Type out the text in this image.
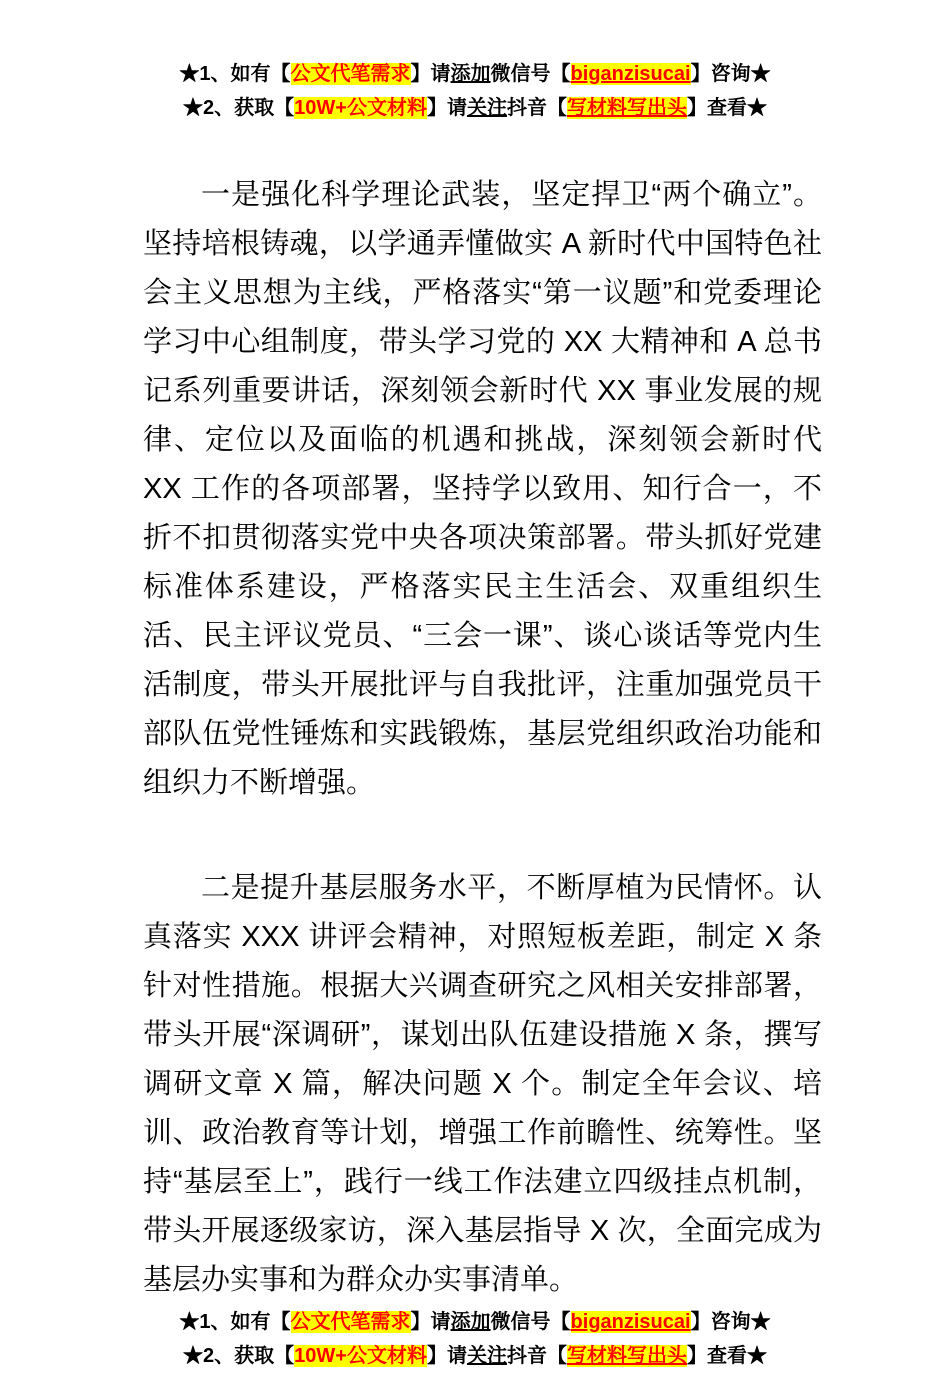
★1、如有【公文代笔需求】请添加微信号【biganzisucai】咨询★
★2、获取【10W+公文材料】请关注抖音【写材料写出头】查看★

一是强化科学理论武装，坚定捍卫“两个确立”。坚持培根铸魂，以学通弄懂做实 A 新时代中国特色社会主义思想为主线，严格落实“第一议题”和党委理论学习中心组制度，带头学习党的 XX 大精神和 A 总书记系列重要讲话，深刻领会新时代 XX 事业发展的规律、定位以及面临的机遇和挑战，深刻领会新时代 XX 工作的各项部署，坚持学以致用、知行合一，不折不扣贯彻落实党中央各项决策部署。带头抓好党建标准体系建设，严格落实民主生活会、双重组织生活、民主评议党员、“三会一课”、谈心谈话等党内生活制度，带头开展批评与自我批评，注重加强党员干部队伍党性锤炼和实践锻炼，基层党组织政治功能和组织力不断增强。

二是提升基层服务水平，不断厚植为民情怀。认真落实 XXX 讲评会精神，对照短板差距，制定 X 条针对性措施。根据大兴调查研究之风相关安排部署，带头开展“深调研”，谋划出队伍建设措施 X 条，撰写调研文章 X 篇，解决问题 X 个。制定全年会议、培训、政治教育等计划，增强工作前瞻性、统筹性。坚持“基层至上”，践行一线工作法建立四级挂点机制，带头开展逐级家访，深入基层指导 X 次，全面完成为基层办实事和为群众办实事清单。

★1、如有【公文代笔需求】请添加微信号【biganzisucai】咨询★
★2、获取【10W+公文材料】请关注抖音【写材料写出头】查看★
